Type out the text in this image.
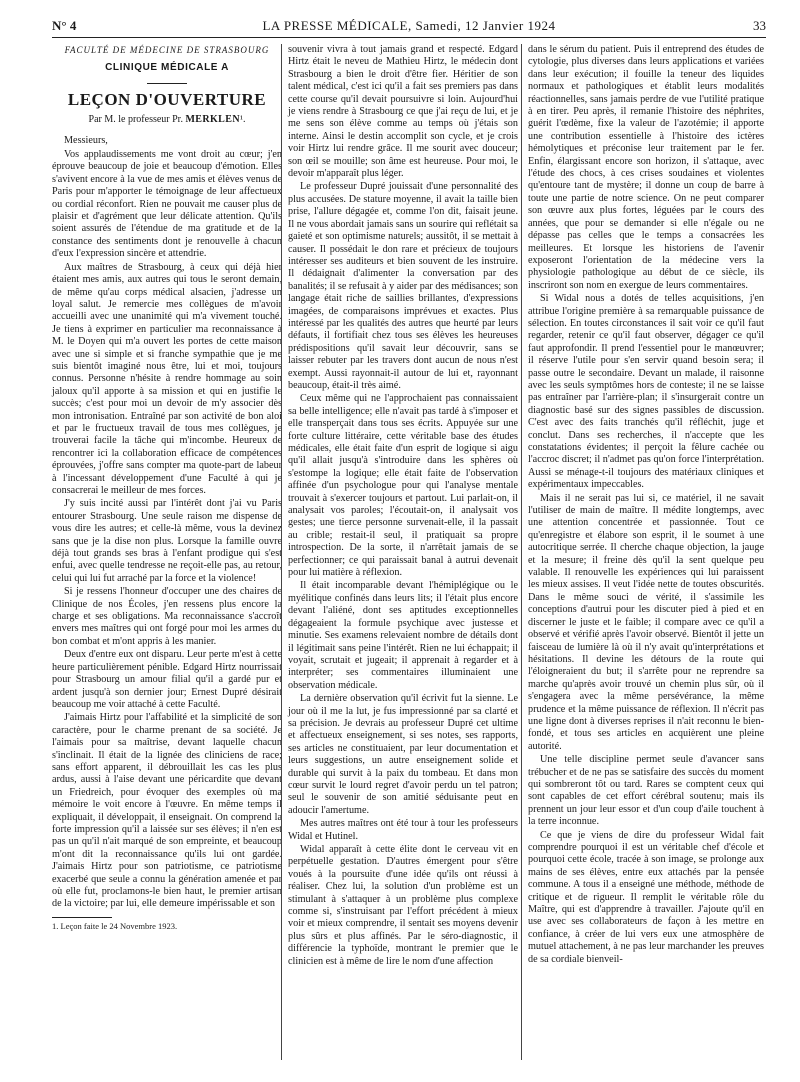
N° 4	LA PRESSE MÉDICALE, Samedi, 12 Janvier 1924	33
FACULTÉ DE MÉDECINE DE STRASBOURG
CLINIQUE MÉDICALE A
LEÇON D'OUVERTURE
Par M. le professeur Pr. MERKLEN¹.
Messieurs,

Vos applaudissements me vont droit au cœur; j'en éprouve beaucoup de joie et beaucoup d'émotion. Elles s'avivent encore à la vue de mes amis et élèves venus de Paris pour m'apporter le témoignage de leur affectueux ou cordial réconfort. Rien ne pouvait me causer plus de plaisir et d'agrément que leur délicate attention. Qu'ils soient assurés de l'étendue de ma gratitude et de la constance des sentiments dont je renouvelle à chacun d'eux l'expression sincère et attendrie.

Aux maîtres de Strasbourg, à ceux qui déjà hier étaient mes amis, aux autres qui tous le seront demain, de même qu'au corps médical alsacien, j'adresse un loyal salut. Je remercie mes collègues de m'avoir accueilli avec une unanimité qui m'a vivement touché. Je tiens à exprimer en particulier ma reconnaissance à M. le Doyen qui m'a ouvert les portes de cette maison avec une si simple et si franche sympathie que je me suis bientôt imaginé nous être, lui et moi, toujours connus. Personne n'hésite à rendre hommage au soin jaloux qu'il apporte à sa mission et qui en justifie le succès; c'est pour moi un devoir de m'y associer dès mon intronisation. Entraîné par son activité de bon aloi et par le fructueux travail de tous mes collègues, je trouverai facile la tâche qui m'incombe. Heureux de rencontrer ici la collaboration efficace de compétences éprouvées, j'offre sans compter ma quote-part de labeur à l'incessant développement d'une Faculté à qui je consacrerai le meilleur de mes forces.

J'y suis incité aussi par l'intérêt dont j'ai vu Paris entourer Strasbourg. Une seule raison me dispense de vous dire les autres; et celle-là même, vous la devinez sans que je la dise non plus. Lorsque la famille ouvre déjà tout grands ses bras à l'enfant prodigue qui s'est enfui, avec quelle tendresse ne reçoit-elle pas, au retour, celui qui lui fut arraché par la force et la violence!

Si je ressens l'honneur d'occuper une des chaires de Clinique de nos Écoles, j'en ressens plus encore la charge et ses obligations. Ma reconnaissance s'accroît envers mes maîtres qui ont forgé pour moi les armes du bon combat et m'ont appris à les manier.

Deux d'entre eux ont disparu. Leur perte m'est à cette heure particulièrement pénible. Edgard Hirtz nourrissait pour Strasbourg un amour filial qu'il a gardé pur et ardent jusqu'à son dernier jour; Ernest Dupré désirait beaucoup me voir attaché à cette Faculté.

J'aimais Hirtz pour l'affabilité et la simplicité de son caractère, pour le charme prenant de sa société. Je l'aimais pour sa maîtrise, devant laquelle chacun s'inclinait. Il était de la lignée des cliniciens de race; sans effort apparent, il débrouillait les cas les plus ardus, aussi à l'aise devant une péricardite que devant un Friedreich, pour évoquer des exemples où ma mémoire le voit encore à l'œuvre. En même temps il expliquait, il développait, il enseignait. On comprend la forte impression qu'il a laissée sur ses élèves; il n'en est pas un qu'il n'ait marqué de son empreinte, et beaucoup m'ont dit la reconnaissance qu'ils lui ont gardée. J'aimais Hirtz pour son patriotisme, ce patriotisme exacerbé que seule a connu la génération amenée et par où elle fut, proclamons-le bien haut, le premier artisan de la victoire; par lui, elle demeure impérissable et son

1. Leçon faite le 24 Novembre 1923.

souvenir vivra à tout jamais grand et respecté. Edgard Hirtz était le neveu de Mathieu Hirtz, le médecin dont Strasbourg a bien le droit d'être fier. Héritier de son talent médical, c'est ici qu'il a fait ses premiers pas dans cette course qu'il devait poursuivre si loin. Aujourd'hui je viens rendre à Strasbourg ce que j'ai reçu de lui, et je me sens son élève comme au temps où j'étais son interne. Ainsi le destin accomplit son cycle, et je crois voir Hirtz lui rendre grâce. Il me sourit avec douceur; son œil se mouille; son âme est heureuse. Pour moi, le devoir m'apparaît plus léger.

Le professeur Dupré jouissait d'une personnalité des plus accusées. De stature moyenne, il avait la taille bien prise, l'allure dégagée et, comme l'on dit, faisait jeune. Il ne vous abordait jamais sans un sourire qui reflétait sa gaieté et son optimisme naturels; aussitôt, il se mettait à causer. Il possédait le don rare et précieux de toujours intéresser ses auditeurs et bien souvent de les instruire. Il dédaignait d'alimenter la conversation par des banalités; il se refusait à y aider par des médisances; son langage était riche de saillies brillantes, d'expressions imagées, de comparaisons imprévues et exactes. Plus intéressé par les qualités des autres que heurté par leurs défauts, il fortifiait chez tous ses élèves les heureuses prédispositions qu'il savait leur découvrir, sans se laisser rebuter par les travers dont aucun de nous n'est exempt. Aussi rayonnait-il autour de lui et, rayonnant beaucoup, était-il très aimé.

Ceux même qui ne l'approchaient pas connaissaient sa belle intelligence; elle n'avait pas tardé à s'imposer et elle transperçait dans tous ses écrits. Appuyée sur une forte culture littéraire, cette véritable base des études médicales, elle était faite d'un esprit de logique si aigu qu'il allait jusqu'à s'introduire dans les sphères où s'estompe la logique; elle était faite de l'observation affinée d'un psychologue pour qui l'analyse mentale trouvait à s'exercer toujours et partout. Lui parlait-on, il analysait vos paroles; l'écoutait-on, il analysait vos gestes; une tierce personne survenait-elle, il la passait au crible; restait-il seul, il pratiquait sa propre introspection. De la sorte, il n'arrêtait jamais de se perfectionner; ce qui paraissait banal à autrui devenait pour lui matière à réflexion.

Il était incomparable devant l'hémiplégique ou le myélitique confinés dans leurs lits; il l'était plus encore devant l'aliéné, dont ses aptitudes exceptionnelles dégageaient la formule psychique avec justesse et minutie. Ses examens relevaient nombre de détails dont il légitimait sans peine l'intérêt. Rien ne lui échappait; il voyait, scrutait et jugeait; il apprenait à regarder et à interpréter; ses commentaires illuminaient une observation médicale.

La dernière observation qu'il écrivit fut la sienne. Le jour où il me la lut, je fus impressionné par sa clarté et sa précision. Je devrais au professeur Dupré cet ultime et affectueux enseignement, si ses notes, ses rapports, ses articles ne constituaient, par leur documentation et leurs suggestions, un autre enseignement solide et durable qui survit à la paix du tombeau. Et dans mon cœur survit le lourd regret d'avoir perdu un tel patron; seul le souvenir de son amitié séduisante peut en adoucir l'amertume.

Mes autres maîtres ont été tour à tour les professeurs Widal et Hutinel.

Widal apparaît à cette élite dont le cerveau vit en perpétuelle gestation. D'autres émergent pour s'être voués à la poursuite d'une idée qu'ils ont réussi à réaliser. Chez lui, la solution d'un problème est un stimulant à s'attaquer à un problème plus complexe comme si, s'instruisant par l'effort précédent à mieux voir et mieux comprendre, il sentait ses moyens devenir plus sûrs et plus affinés. Par le séro-diagnostic, il différencie la typhoïde, montrant le premier que le clinicien est à même de lire le nom d'une affection

dans le sérum du patient. Puis il entreprend des études de cytologie, plus diverses dans leurs applications et variées dans leur exécution; il fouille la teneur des liquides normaux et pathologiques et établit leurs modalités réactionnelles, sans jamais perdre de vue l'utilité pratique à en tirer. Peu après, il remanie l'histoire des néphrites, guérit l'œdème, fixe la valeur de l'azotémie; il apporte une contribution essentielle à l'histoire des ictères hémolytiques et préconise leur traitement par le fer. Enfin, élargissant encore son horizon, il s'attaque, avec l'étude des chocs, à ces crises soudaines et violentes qu'entoure tant de mystère; il donne un coup de barre à toute une partie de notre science. On ne peut comparer son œuvre aux plus fortes, léguées par le cours des années, que pour se demander si elle n'égale ou ne dépasse pas celles que le temps a consacrées les meilleures. Et lorsque les historiens de l'avenir exposeront l'orientation de la médecine vers la physiologie pathologique au début de ce siècle, ils inscriront son nom en exergue de leurs commentaires.

Si Widal nous a dotés de telles acquisitions, j'en attribue l'origine première à sa remarquable puissance de sélection. En toutes circonstances il sait voir ce qu'il faut regarder, retenir ce qu'il faut observer, dégager ce qu'il faut approfondir. Il prend l'essentiel pour le manœuvrer; il réserve l'utile pour s'en servir quand besoin sera; il passe outre le secondaire. Devant un malade, il raisonne avec les seuls symptômes hors de conteste; il ne se laisse pas entraîner par l'arrière-plan; il s'insurgerait contre un diagnostic basé sur des signes passibles de discussion. C'est avec des faits tranchés qu'il réfléchit, juge et conclut. Dans ses recherches, il n'accepte que les constatations évidentes; il perçoit la fêlure cachée ou l'accroc discret; il n'admet pas qu'on force l'interprétation. Aussi se ménage-t-il toujours des matériaux cliniques et expérimentaux impeccables.

Mais il ne serait pas lui si, ce matériel, il ne savait l'utiliser de main de maître. Il médite longtemps, avec une attention concentrée et passionnée. Tout ce qu'enregistre et élabore son esprit, il le soumet à une autocritique serrée. Il cherche chaque objection, la jauge et la mesure; il freine dès qu'il la sent quelque peu valable. Il renouvelle les expériences qui lui paraissent les mieux assises. Il veut l'idée nette de toutes obscurités. Dans le même souci de vérité, il s'assimile les conceptions d'autrui pour les discuter pied à pied et en discerner le juste et le faible; il compare avec ce qu'il a observé et vérifié après l'avoir observé. Bientôt il jette un faisceau de lumière là où il n'y avait qu'interprétations et hésitations. Il devine les détours de la route qui l'éloigneraient du but; il s'arrête pour ne reprendre sa marche qu'après avoir trouvé un chemin plus sûr, où il s'engagera avec la même persévérance, la même prudence et la même puissance de réflexion. Il n'écrit pas une ligne dont à diverses reprises il n'ait reconnu le bien-fondé, et tous ses articles en acquièrent une pleine autorité.

Une telle discipline permet seule d'avancer sans trébucher et de ne pas se satisfaire des succès du moment qui sombreront tôt ou tard. Rares se comptent ceux qui sont capables de cet effort cérébral soutenu; mais ils prennent un jour leur essor et d'un coup d'aile touchent à la terre inconnue.

Ce que je viens de dire du professeur Widal fait comprendre pourquoi il est un véritable chef d'école et pourquoi cette école, tracée à son image, se prolonge aux mains de ses élèves, entre eux attachés par la pensée commune. A tous il a enseigné une méthode, méthode de critique et de rigueur. Il remplit le véritable rôle du Maître, qui est d'apprendre à travailler. J'ajoute qu'il en use avec ses collaborateurs de façon à les mettre en confiance, à créer de lui vers eux une atmosphère de mutuel attachement, à ne pas leur marchander les preuves de sa cordiale bienveil-
